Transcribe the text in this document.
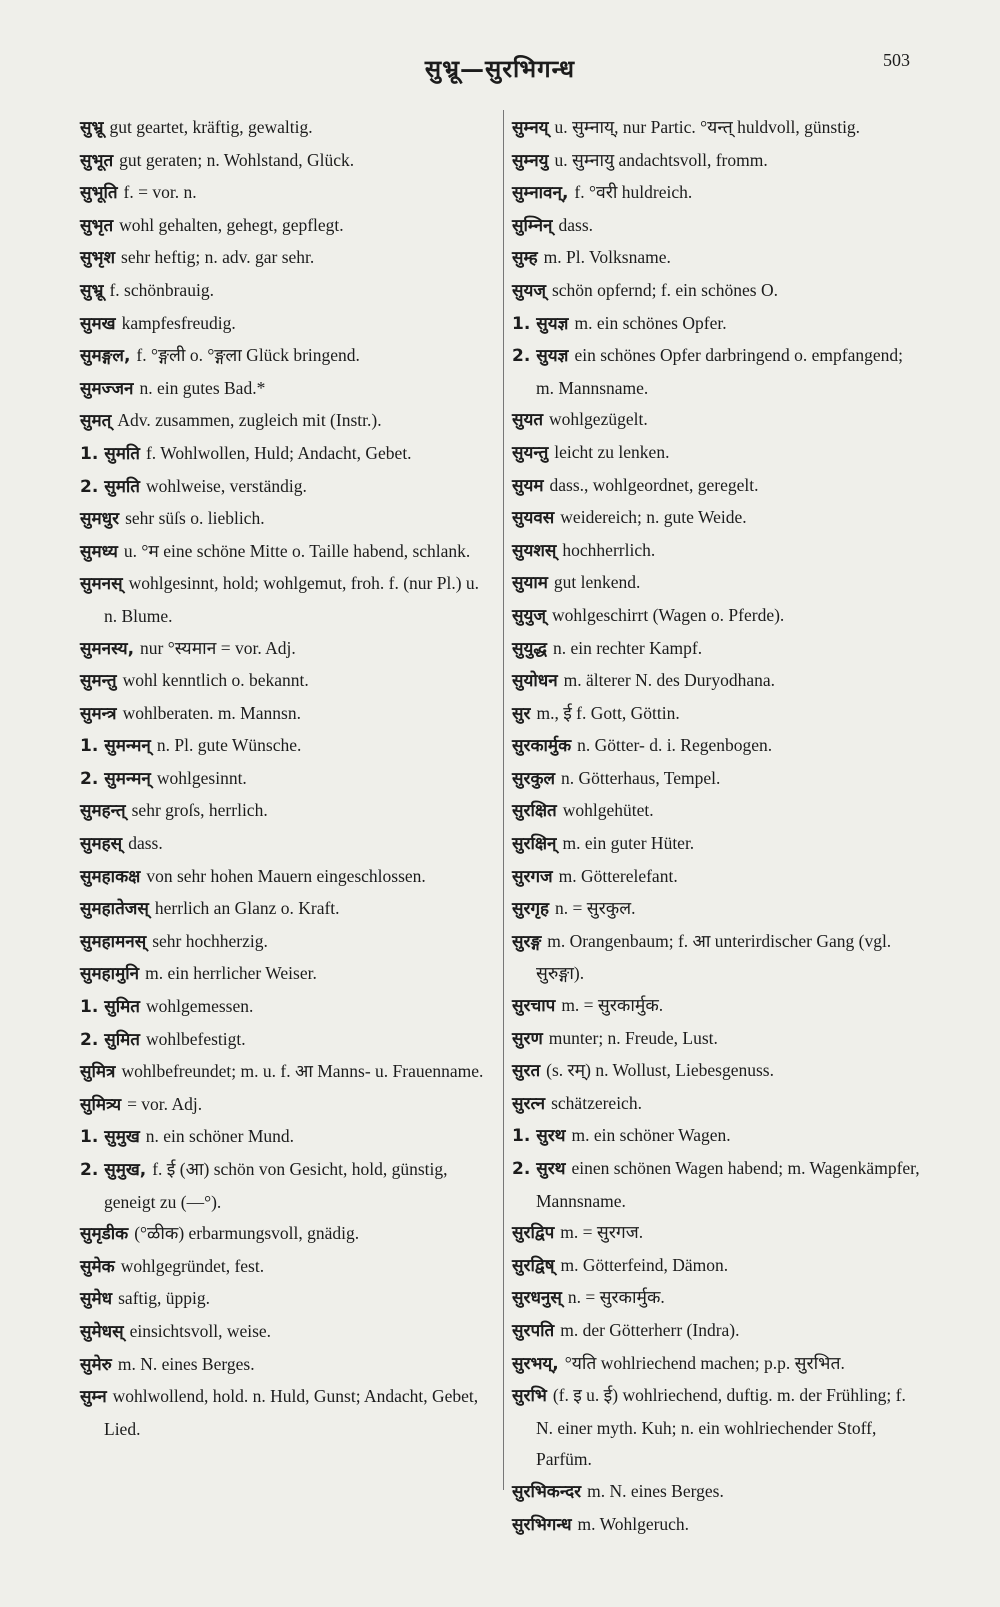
सुभ्रू—सुरभिगन्ध	503

सुभ्रू gut geartet, kräftig, gewaltig.

सुभूत gut geraten; n. Wohlstand, Glück.

सुभूति f. = vor. n.

सुभृत wohl gehalten, gehegt, gepflegt.

सुभृश sehr heftig; n. adv. gar sehr.

सुभ्रू f. schönbrauig.

सुमख kampfesfreudig.

सुमङ्गल, f. °ङ्गली o. °ङ्गला Glück bringend.

सुमज्जन n. ein gutes Bad.*

सुमत् Adv. zusammen, zugleich mit (Instr.).

1. सुमति f. Wohlwollen, Huld; Andacht, Gebet.

2. सुमति wohlweise, verständig.

सुमधुर sehr süſs o. lieblich.

सुमध्य u. °म eine schöne Mitte o. Taille habend, schlank.

सुमनस् wohlgesinnt, hold; wohlgemut, froh. f. (nur Pl.) u. n. Blume.

सुमनस्य, nur °स्यमान = vor. Adj.

सुमन्तु wohl kenntlich o. bekannt.

सुमन्त्र wohlberaten. m. Mannsn.

1. सुमन्मन् n. Pl. gute Wünsche.

2. सुमन्मन् wohlgesinnt.

सुमहन्त् sehr groſs, herrlich.

सुमहस् dass.

सुमहाकक्ष von sehr hohen Mauern eingeschlossen.

सुमहातेजस् herrlich an Glanz o. Kraft.

सुमहामनस् sehr hochherzig.

सुमहामुनि m. ein herrlicher Weiser.

1. सुमित wohlgemessen.

2. सुमित wohlbefestigt.

सुमित्र wohlbefreundet; m. u. f. आ Manns- u. Frauenname.

सुमित्र्य = vor. Adj.

1. सुमुख n. ein schöner Mund.

2. सुमुख, f. ई (आ) schön von Gesicht, hold, günstig, geneigt zu (—°).

सुमृडीक (°ळीक) erbarmungsvoll, gnädig.

सुमेक wohlgegründet, fest.

सुमेध saftig, üppig.

सुमेधस् einsichtsvoll, weise.

सुमेरु m. N. eines Berges.

सुम्न wohlwollend, hold. n. Huld, Gunst; Andacht, Gebet, Lied.

सुम्नय् u. सुम्नाय्, nur Partic. °यन्त् huldvoll, günstig.

सुम्नयु u. सुम्नायु andachtsvoll, fromm.

सुम्नावन्, f. °वरी huldreich.

सुम्निन् dass.

सुम्ह m. Pl. Volksname.

सुयज् schön opfernd; f. ein schönes O.

1. सुयज्ञ m. ein schönes Opfer.

2. सुयज्ञ ein schönes Opfer darbringend o. empfangend; m. Mannsname.

सुयत wohlgezügelt.

सुयन्तु leicht zu lenken.

सुयम dass., wohlgeordnet, geregelt.

सुयवस weidereich; n. gute Weide.

सुयशस् hochherrlich.

सुयाम gut lenkend.

सुयुज् wohlgeschirrt (Wagen o. Pferde).

सुयुद्ध n. ein rechter Kampf.

सुयोधन m. älterer N. des Duryodhana.

सुर m., ई f. Gott, Göttin.

सुरकार्मुक n. Götter- d. i. Regenbogen.

सुरकुल n. Götterhaus, Tempel.

सुरक्षित wohlgehütet.

सुरक्षिन् m. ein guter Hüter.

सुरगज m. Götterelefant.

सुरगृह n. = सुरकुल.

सुरङ्ग m. Orangenbaum; f. आ unterirdischer Gang (vgl. सुरुङ्गा).

सुरचाप m. = सुरकार्मुक.

सुरण munter; n. Freude, Lust.

सुरत (s. रम्) n. Wollust, Liebesgenuss.

सुरत्न schätzereich.

1. सुरथ m. ein schöner Wagen.

2. सुरथ einen schönen Wagen habend; m. Wagenkämpfer, Mannsname.

सुरद्विप m. = सुरगज.

सुरद्विष् m. Götterfeind, Dämon.

सुरधनुस् n. = सुरकार्मुक.

सुरपति m. der Götterherr (Indra).

सुरभय्, °यति wohlriechend machen; p.p. सुरभित.

सुरभि (f. इ u. ई) wohlriechend, duftig. m. der Frühling; f. N. einer myth. Kuh; n. ein wohlriechender Stoff, Parfüm.

सुरभिकन्दर m. N. eines Berges.

सुरभिगन्ध m. Wohlgeruch.
